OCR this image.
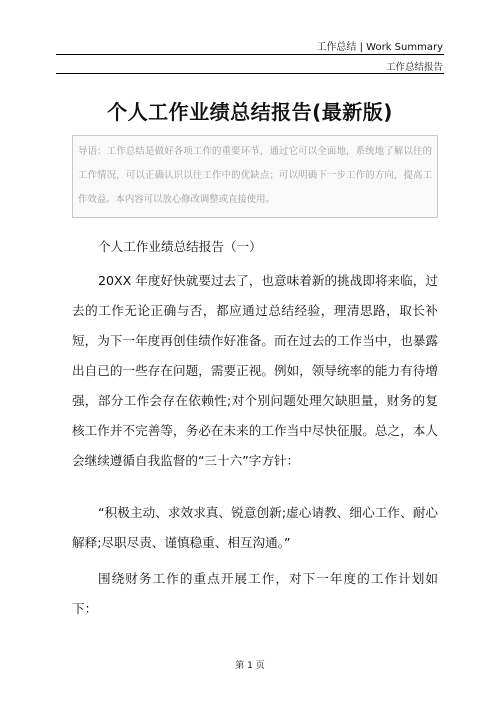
工作总结 | Work Summary
工作总结报告
个人工作业绩总结报告(最新版)
导语：工作总结是做好各项工作的重要环节，通过它可以全面地，系统地了解以往的工作情况，可以正确认识以往工作中的优缺点；可以明确下一步工作的方向，提高工作效益。本内容可以放心修改调整或直接使用。
个人工作业绩总结报告（一）
20XX 年度好快就要过去了，也意味着新的挑战即将来临，过去的工作无论正确与否，都应通过总结经验，理清思路，取长补短，为下一年度再创佳绩作好准备。而在过去的工作当中，也暴露出自已的一些存在问题，需要正视。例如，领导统率的能力有待增强，部分工作会存在依赖性;对个别问题处理欠缺胆量，财务的复核工作并不完善等，务必在未来的工作当中尽快征服。总之，本人会继续遵循自我监督的“三十六”字方针：
“积极主动、求效求真、锐意创新;虚心请教、细心工作、耐心解释;尽职尽责、谨慎稳重、相互沟通。”
围绕财务工作的重点开展工作，对下一年度的工作计划如下：
第 1 页
